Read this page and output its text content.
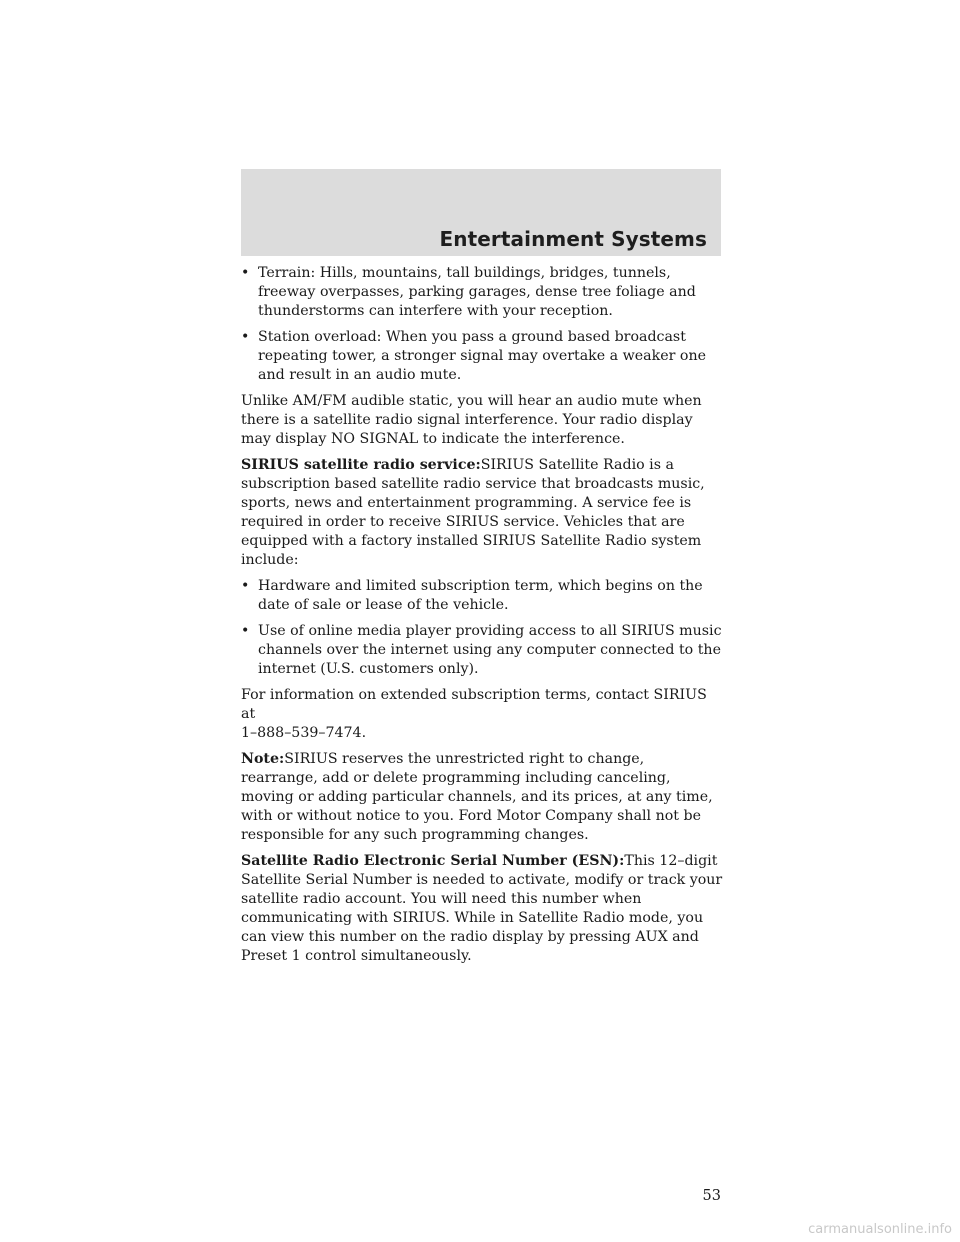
Entertainment Systems
• Terrain: Hills, mountains, tall buildings, bridges, tunnels, freeway overpasses, parking garages, dense tree foliage and thunderstorms can interfere with your reception.
• Station overload: When you pass a ground based broadcast repeating tower, a stronger signal may overtake a weaker one and result in an audio mute.

Unlike AM/FM audible static, you will hear an audio mute when there is a satellite radio signal interference. Your radio display may display NO SIGNAL to indicate the interference.

SIRIUS satellite radio service:SIRIUS Satellite Radio is a subscription based satellite radio service that broadcasts music, sports, news and entertainment programming. A service fee is required in order to receive SIRIUS service. Vehicles that are equipped with a factory installed SIRIUS Satellite Radio system include:

• Hardware and limited subscription term, which begins on the date of sale or lease of the vehicle.
• Use of online media player providing access to all SIRIUS music channels over the internet using any computer connected to the internet (U.S. customers only).

For information on extended subscription terms, contact SIRIUS at
1–888–539–7474.

Note:SIRIUS reserves the unrestricted right to change, rearrange, add or delete programming including canceling, moving or adding particular channels, and its prices, at any time, with or without notice to you. Ford Motor Company shall not be responsible for any such programming changes.

Satellite Radio Electronic Serial Number (ESN):This 12–digit Satellite Serial Number is needed to activate, modify or track your satellite radio account. You will need this number when communicating with SIRIUS. While in Satellite Radio mode, you can view this number on the radio display by pressing AUX and Preset 1 control simultaneously.

53
carmanualsonline.info
